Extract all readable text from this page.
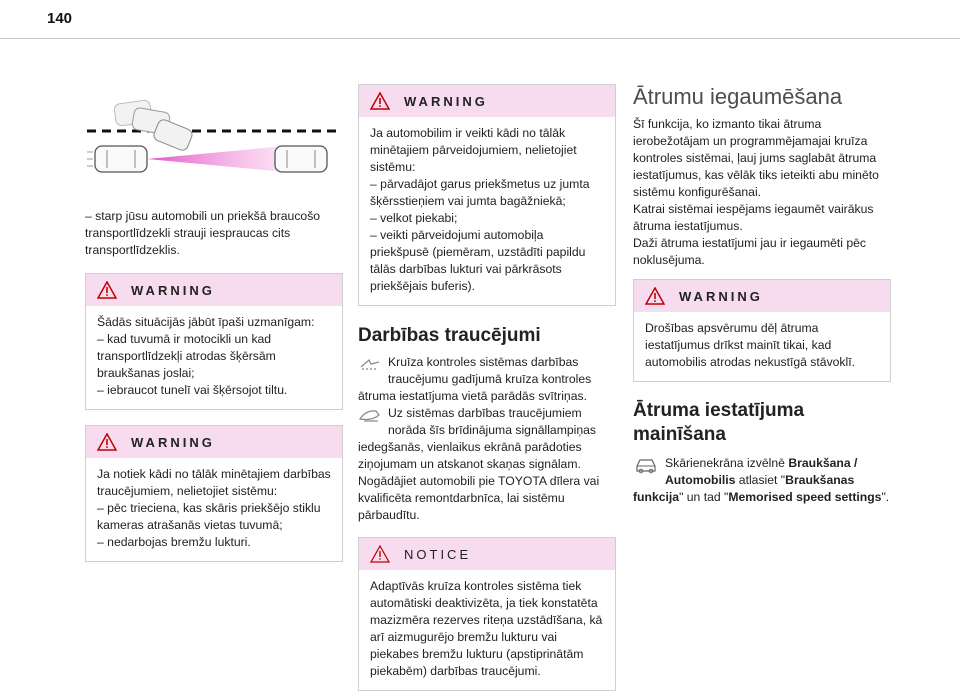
140

– starp jūsu automobili un priekšā braucošo transportlīdzekli strauji iespraucas cits transportlīdzeklis.

WARNING

Šādās situācijās jābūt īpaši uzmanīgam:

– kad tuvumā ir motocikli un kad transportlīdzekļi atrodas šķērsām braukšanas joslai;

– iebraucot tunelī vai šķērsojot tiltu.

WARNING

Ja notiek kādi no tālāk minētajiem darbības traucējumiem, nelietojiet sistēmu:

– pēc trieciena, kas skāris priekšējo stiklu kameras atrašanās vietas tuvumā;

– nedarbojas bremžu lukturi.

WARNING

Ja automobilim ir veikti kādi no tālāk minētajiem pārveidojumiem, nelietojiet sistēmu:

– pārvadājot garus priekšmetus uz jumta šķērsstieņiem vai jumta bagāžniekā;

– velkot piekabi;

– veikti pārveidojumi automobiļa priekšpusē (piemēram, uzstādīti papildu tālās darbības lukturi vai pārkrāsots priekšējais buferis).

Darbības traucējumi
Kruīza kontroles sistēmas darbības traucējumu gadījumā kruīza kontroles ātruma iestatījuma vietā parādās svītriņas.
Uz sistēmas darbības traucējumiem norāda šīs brīdinājuma signāllampiņas iedegšanās, vienlaikus ekrānā parādoties ziņojumam un atskanot skaņas signālam.

Nogādājiet automobili pie TOYOTA dīlera vai kvalificēta remontdarbnīca, lai sistēmu pārbaudītu.

NOTICE

Adaptīvās kruīza kontroles sistēma tiek automātiski deaktivizēta, ja tiek konstatēta mazizmēra rezerves riteņa uzstādīšana, kā arī aizmugurējo bremžu lukturu vai piekabes bremžu lukturu (apstiprinātām piekabēm) darbības traucējumi.

Ātrumu iegaumēšana

Šī funkcija, ko izmanto tikai ātruma ierobežotājam un programmējamajai kruīza kontroles sistēmai, ļauj jums saglabāt ātruma iestatījumus, kas vēlāk tiks ieteikti abu minēto sistēmu konfigurēšanai.

Katrai sistēmai iespējams iegaumēt vairākus ātruma iestatījumus.

Daži ātruma iestatījumi jau ir iegaumēti pēc noklusējuma.

WARNING

Drošības apsvērumu dēļ ātruma iestatījumus drīkst mainīt tikai, kad automobilis atrodas nekustīgā stāvoklī.

Ātruma iestatījuma mainīšana
Skārienekrāna izvēlnē Braukšana / Automobilis atlasiet "Braukšanas funkcija" un tad "Memorised speed settings".
